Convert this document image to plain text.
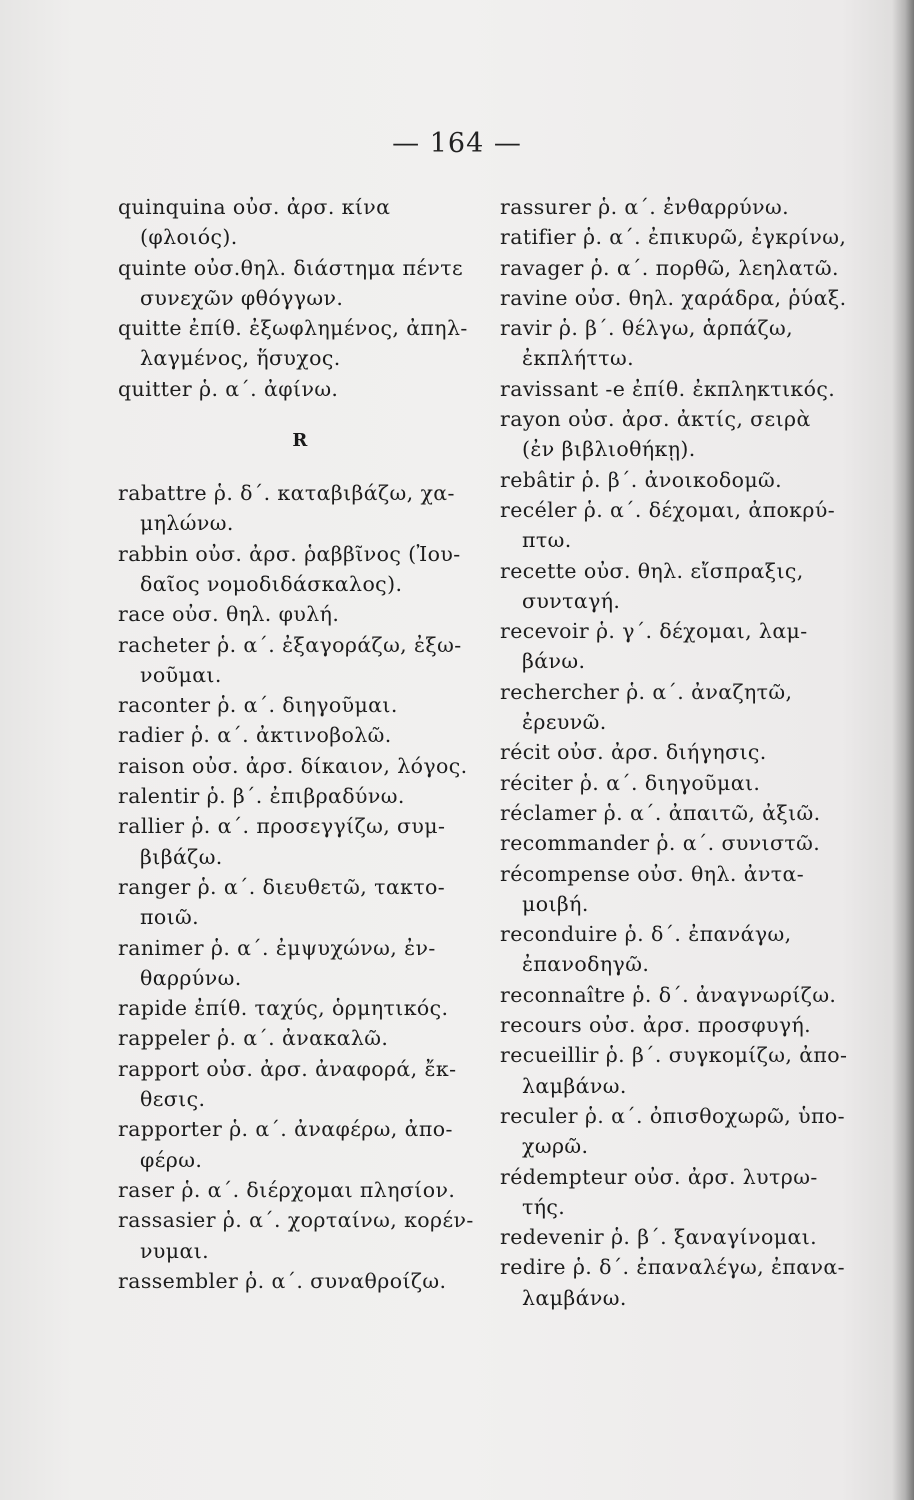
— 164 —
quinquina οὐσ. ἀρσ. κίνα

(φλοιός).
quinte οὐσ.θηλ. διάστημα πέντε

συνεχῶν φθόγγων.
quitte ἐπίθ. ἐξωφλημένος, ἀπηλ-

λαγμένος, ἥσυχος.
quitter ῥ. α΄. ἀφίνω.

R
rabattre ῥ. δ΄. καταβιβάζω, χα-

μηλώνω.
rabbin οὐσ. ἀρσ. ῥαββῖνος (Ἰου-

δαῖος νομοδιδάσκαλος).
race οὐσ. θηλ. φυλή.

racheter ῥ. α΄. ἐξαγοράζω, ἐξω-

νοῦμαι.
raconter ῥ. α΄. διηγοῦμαι.

radier ῥ. α΄. ἀκτινοβολῶ.

raison οὐσ. ἀρσ. δίκαιον, λόγος.

ralentir ῥ. β΄. ἐπιβραδύνω.

rallier ῥ. α΄. προσεγγίζω, συμ-

βιβάζω.
ranger ῥ. α΄. διευθετῶ, τακτο-

ποιῶ.
ranimer ῥ. α΄. ἐμψυχώνω, ἐν-

θαρρύνω.
rapide ἐπίθ. ταχύς, ὁρμητικός.

rappeler ῥ. α΄. ἀνακαλῶ.

rapport οὐσ. ἀρσ. ἀναφορά, ἔκ-

θεσις.
rapporter ῥ. α΄. ἀναφέρω, ἀπο-

φέρω.
raser ῥ. α΄. διέρχομαι πλησίον.

rassasier ῥ. α΄. χορταίνω, κορέν-

νυμαι.
rassembler ῥ. α΄. συναθροίζω.

rassurer ῥ. α΄. ἐνθαρρύνω.

ratifier ῥ. α΄. ἐπικυρῶ, ἐγκρίνω,

ravager ῥ. α΄. πορθῶ, λεηλατῶ.

ravine οὐσ. θηλ. χαράδρα, ῥύαξ.

ravir ῥ. β΄. θέλγω, ἁρπάζω,

ἐκπλήττω.
ravissant -e ἐπίθ. ἐκπληκτικός.

rayon οὐσ. ἀρσ. ἀκτίς, σειρὰ

(ἐν βιβλιοθήκῃ).
rebâtir ῥ. β΄. ἀνοικοδομῶ.

recéler ῥ. α΄. δέχομαι, ἀποκρύ-

πτω.
recette οὐσ. θηλ. εἴσπραξις,

συνταγή.
recevoir ῥ. γ΄. δέχομαι, λαμ-

βάνω.
rechercher ῥ. α΄. ἀναζητῶ,

ἐρευνῶ.
récit οὐσ. ἀρσ. διήγησις.

réciter ῥ. α΄. διηγοῦμαι.

réclamer ῥ. α΄. ἀπαιτῶ, ἀξιῶ.

recommander ῥ. α΄. συνιστῶ.

récompense οὐσ. θηλ. ἀντα-

μοιβή.
reconduire ῥ. δ΄. ἐπανάγω,

ἐπανοδηγῶ.
reconnaître ῥ. δ΄. ἀναγνωρίζω.

recours οὐσ. ἀρσ. προσφυγή.

recueillir ῥ. β΄. συγκομίζω, ἀπο-

λαμβάνω.
reculer ῥ. α΄. ὀπισθοχωρῶ, ὑπο-

χωρῶ.
rédempteur οὐσ. ἀρσ. λυτρω-

τής.
redevenir ῥ. β΄. ξαναγίνομαι.

redire ῥ. δ΄. ἐπαναλέγω, ἐπανα-

λαμβάνω.
